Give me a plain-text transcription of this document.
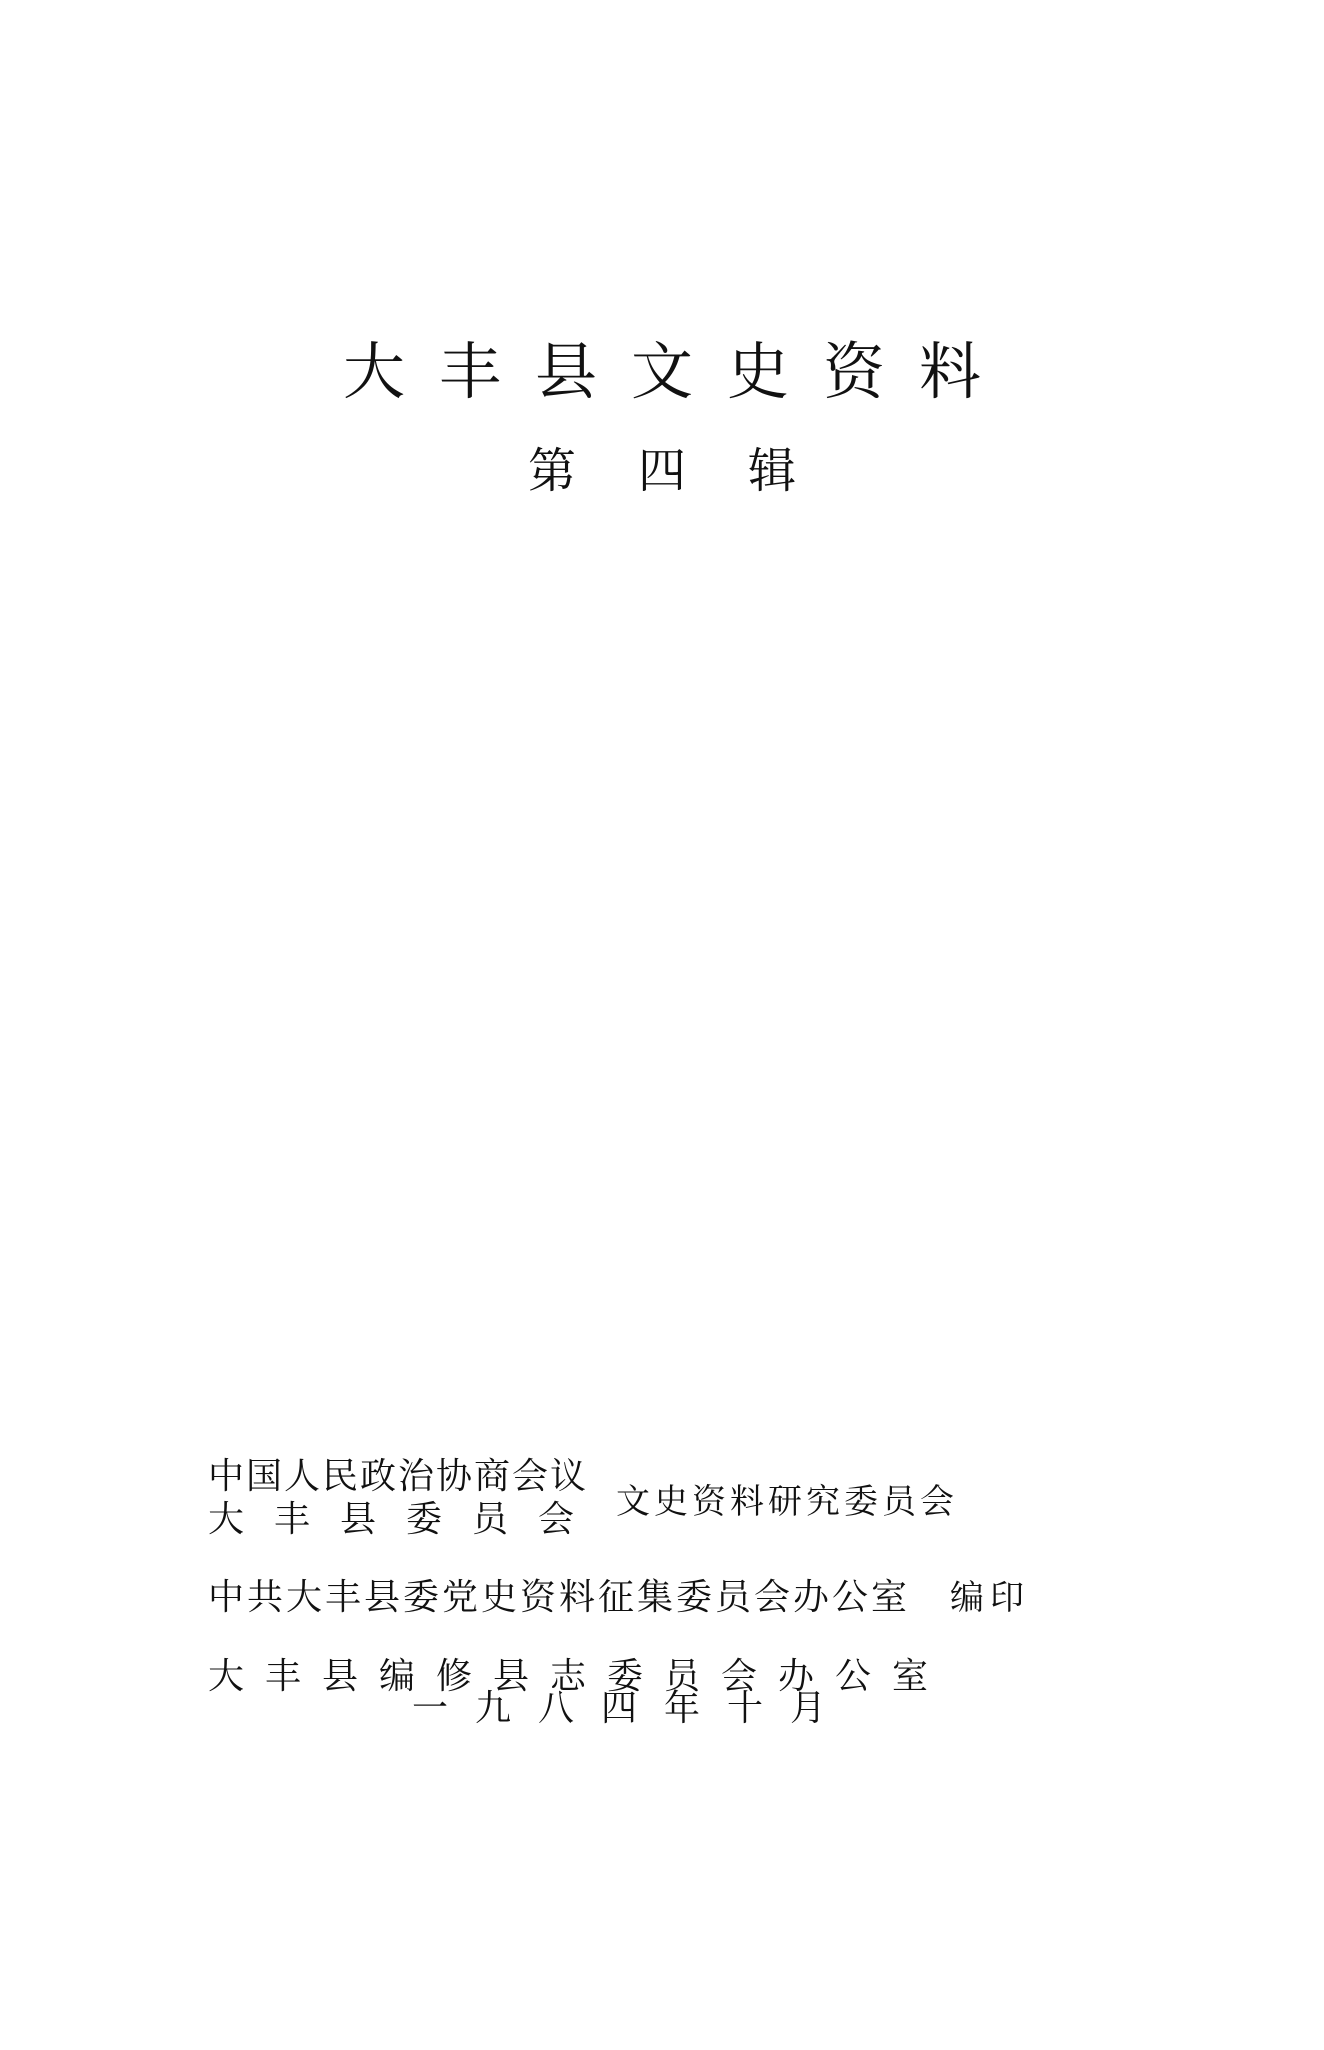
大丰县文史资料
第四辑
中国人民政治协商会议
大丰县委员会 文史资料研究委员会
中共大丰县委党史资料征集委员会办公室 编印
大丰县编修县志委员会办公室
一九八四年十月
